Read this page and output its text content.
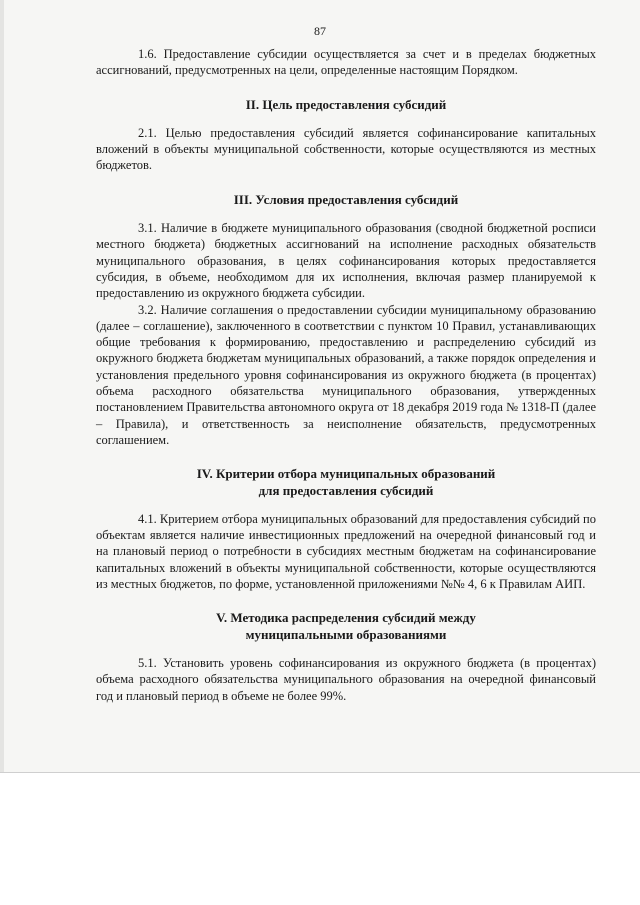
87

1.6. Предоставление субсидии осуществляется за счет и в пределах бюджетных ассигнований, предусмотренных на цели, определенные настоящим Порядком.

II. Цель предоставления субсидий

2.1. Целью предоставления субсидий является софинансирование капитальных вложений в объекты муниципальной собственности, которые осуществляются из местных бюджетов.

III. Условия предоставления субсидий

3.1. Наличие в бюджете муниципального образования (сводной бюджетной росписи местного бюджета) бюджетных ассигнований на исполнение расходных обязательств муниципального образования, в целях софинансирования которых предоставляется субсидия, в объеме, необходимом для их исполнения, включая размер планируемой к предоставлению из окружного бюджета субсидии.

3.2. Наличие соглашения о предоставлении субсидии муниципальному образованию (далее – соглашение), заключенного в соответствии с пунктом 10 Правил, устанавливающих общие требования к формированию, предоставлению и распределению субсидий из окружного бюджета бюджетам муниципальных образований, а также порядок определения и установления предельного уровня софинансирования из окружного бюджета (в процентах) объема расходного обязательства муниципального образования, утвержденных постановлением Правительства автономного округа от 18 декабря 2019 года № 1318-П (далее – Правила), и ответственность за неисполнение обязательств, предусмотренных соглашением.

IV. Критерии отбора муниципальных образований

для предоставления субсидий

4.1. Критерием отбора муниципальных образований для предоставления субсидий по объектам является наличие инвестиционных предложений на очередной финансовый год и на плановый период о потребности в субсидиях местным бюджетам на софинансирование капитальных вложений в объекты муниципальной собственности, которые осуществляются из местных бюджетов, по форме, установленной приложениями №№ 4, 6 к Правилам АИП.

V. Методика распределения субсидий между

муниципальными образованиями

5.1. Установить уровень софинансирования из окружного бюджета (в процентах) объема расходного обязательства муниципального образования на очередной финансовый год и плановый период в объеме не более 99%.
